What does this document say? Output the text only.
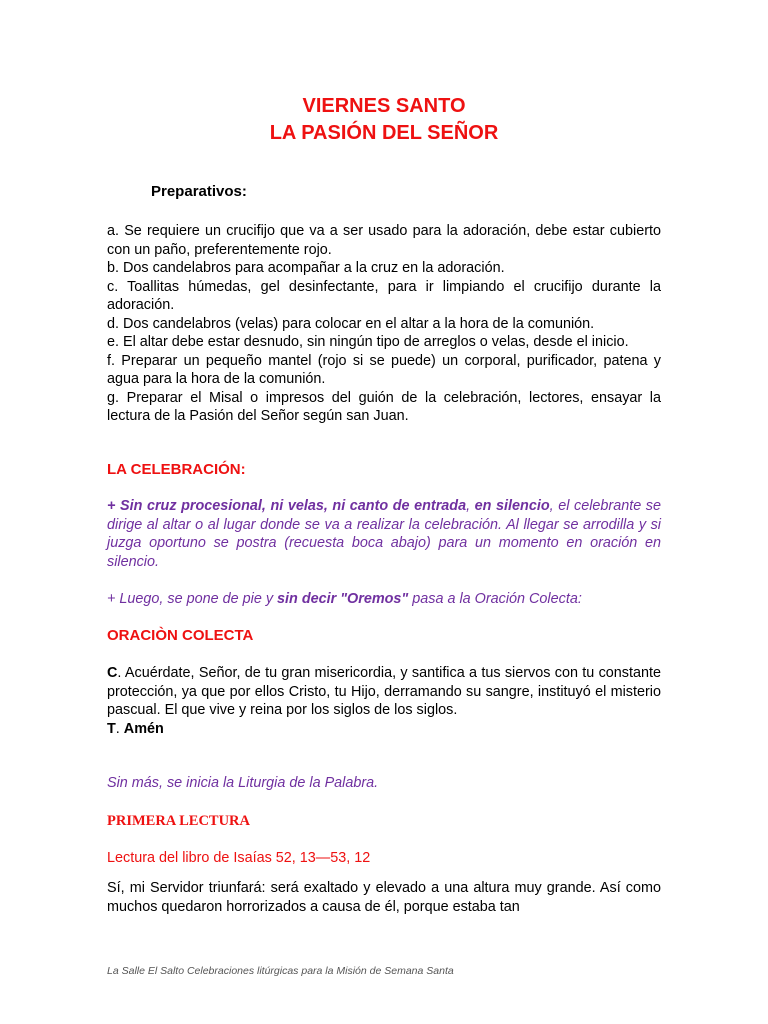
VIERNES SANTO
LA PASIÓN DEL SEÑOR
Preparativos:

a. Se requiere un crucifijo que va a ser usado para la adoración, debe estar cubierto con un paño, preferentemente rojo.

b. Dos candelabros para acompañar a la cruz en la adoración.

c. Toallitas húmedas, gel desinfectante, para ir limpiando el crucifijo durante la adoración.

d. Dos candelabros (velas) para colocar en el altar a la hora de la comunión.

e. El altar debe estar desnudo, sin ningún tipo de arreglos o velas, desde el inicio.

f. Preparar un pequeño mantel (rojo si se puede) un corporal, purificador, patena y agua para la hora de la comunión.

g. Preparar el Misal o impresos del guión de la celebración, lectores, ensayar la lectura de la Pasión del Señor según san Juan.

LA CELEBRACIÓN:

+ Sin cruz procesional, ni velas, ni canto de entrada, en silencio, el celebrante se dirige al altar o al lugar donde se va a realizar la celebración. Al llegar se arrodilla y si juzga oportuno se postra (recuesta boca abajo) para un momento en oración en silencio.

+ Luego, se pone de pie y sin decir "Oremos" pasa a la Oración Colecta:
ORACIÒN COLECTA

C. Acuérdate, Señor, de tu gran misericordia, y santifica a tus siervos con tu constante protección, ya que por ellos Cristo, tu Hijo, derramando su sangre, instituyó el misterio pascual. El que vive y reina por los siglos de los siglos.

T. Amén

Sin más, se inicia la Liturgia de la Palabra.
PRIMERA LECTURA
Lectura del libro de Isaías 52, 13—53, 12

Sí, mi Servidor triunfará: será exaltado y elevado a una altura muy grande. Así como muchos quedaron horrorizados a causa de él, porque estaba tan

La Salle El Salto Celebraciones litúrgicas para la Misión de Semana Santa
